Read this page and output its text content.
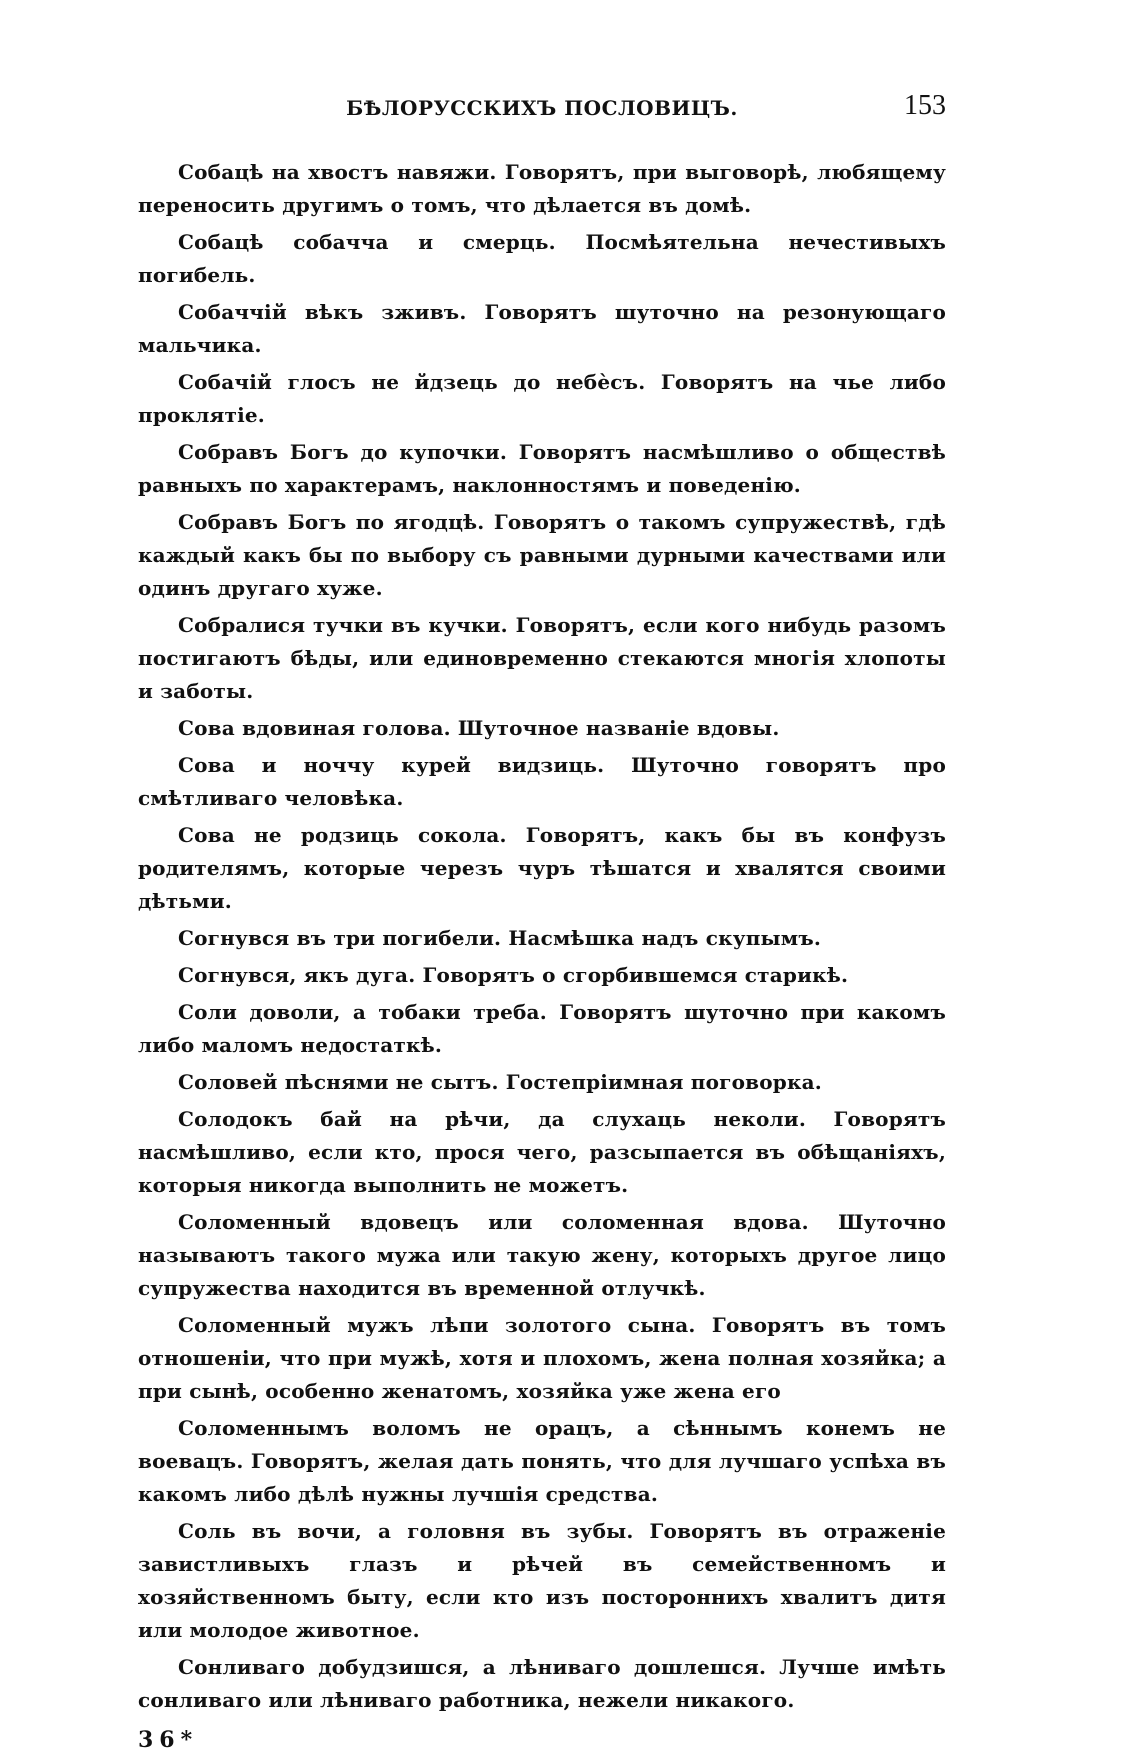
БѢЛОРУССКИХЪ ПОСЛОВИЦЪ.	153

Собацѣ на хвостъ навяжи. Говорятъ, при выговорѣ, любящему переносить другимъ о томъ, что дѣлается въ домѣ.

Собацѣ собачча и смерць. Посмѣятельна нечестивыхъ погибель.

Собаччій вѣкъ зживъ. Говорятъ шуточно на резонующаго мальчика.

Собачій глосъ не йдзець до небѐсъ. Говорятъ на чье либо проклятіе.

Собравъ Богъ до купочки. Говорятъ насмѣшливо о обществѣ равныхъ по характерамъ, наклонностямъ и поведенію.

Собравъ Богъ по ягодцѣ. Говорятъ о такомъ супружествѣ, гдѣ каждый какъ бы по выбору съ равными дурными качествами или одинъ другаго хуже.

Собралися тучки въ кучки. Говорятъ, если кого нибудь разомъ постигаютъ бѣды, или единовременно стекаются многія хлопоты и заботы.

Сова вдовиная голова. Шуточное названіе вдовы.

Сова и ноччу курей видзиць. Шуточно говорятъ про смѣтливаго человѣка.

Сова не родзиць сокола. Говорятъ, какъ бы въ конфузъ родителямъ, которые черезъ чуръ тѣшатся и хвалятся своими дѣтьми.

Согнувся въ три погибели. Насмѣшка надъ скупымъ.

Согнувся, якъ дуга. Говорятъ о сгорбившемся старикѣ.

Соли доволи, а тобаки треба. Говорятъ шуточно при какомъ либо маломъ недостаткѣ.

Соловей пѣснями не сытъ. Гостепріимная поговорка.

Солодокъ бай на рѣчи, да слухаць неколи. Говорятъ насмѣшливо, если кто, прося чего, разсыпается въ обѣщаніяхъ, которыя никогда выполнить не можетъ.

Соломенный вдовецъ или соломенная вдова. Шуточно называютъ такого мужа или такую жену, которыхъ другое лицо супружества находится въ временной отлучкѣ.

Соломенный мужъ лѣпи золотого сына. Говорятъ въ томъ отношеніи, что при мужѣ, хотя и плохомъ, жена полная хозяйка; а при сынѣ, особенно женатомъ, хозяйка уже жена его

Соломеннымъ воломъ не орацъ, а сѣннымъ конемъ не воевацъ. Говорятъ, желая дать понять, что для лучшаго успѣха въ какомъ либо дѣлѣ нужны лучшія средства.

Соль въ вочи, а головня въ зубы. Говорятъ въ отраженіе завистливыхъ глазъ и рѣчей въ семейственномъ и хозяйственномъ быту, если кто изъ постороннихъ хвалитъ дитя или молодое животное.

Сонливаго добудзишся, а лѣниваго дошлешся. Лучше имѣть сонливаго или лѣниваго работника, нежели никакого.

36*
